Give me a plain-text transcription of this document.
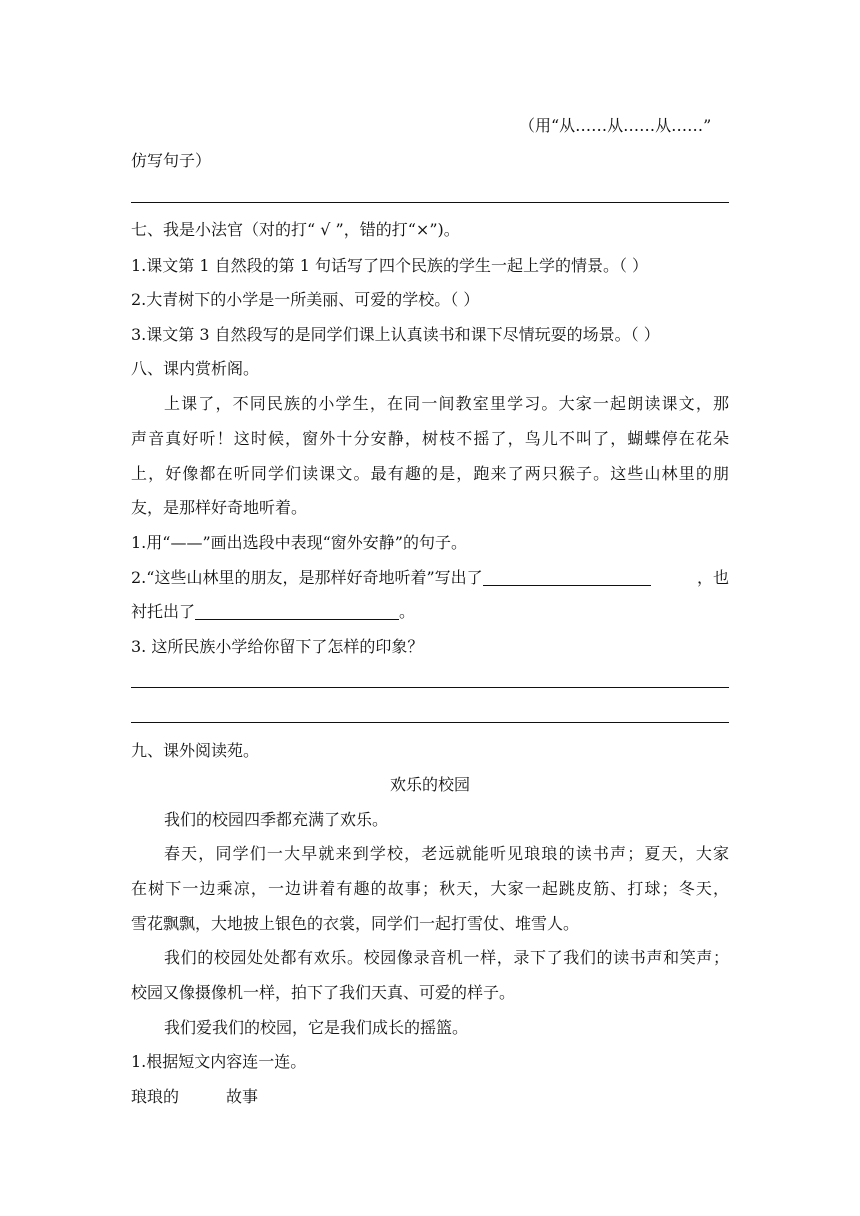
（用“从……从……从……”
仿写句子）
七、我是小法官（对的打“ √ ”，错的打“×”)。
1.课文第 1 自然段的第 1 句话写了四个民族的学生一起上学的情景。（ ）
2.大青树下的小学是一所美丽、可爱的学校。（ ）
3.课文第 3 自然段写的是同学们课上认真读书和课下尽情玩耍的场景。（ ）
八、课内赏析阁。
上课了，不同民族的小学生，在同一间教室里学习。大家一起朗读课文，那
声音真好听！这时候，窗外十分安静，树枝不摇了，鸟儿不叫了，蝴蝶停在花朵
上，好像都在听同学们读课文。最有趣的是，跑来了两只猴子。这些山林里的朋
友，是那样好奇地听着。
1.用“——”画出选段中表现“窗外安静”的句子。
2.“这些山林里的朋友，是那样好奇地听着”写出了	，也
衬托出了	。
3. 这所民族小学给你留下了怎样的印象？
九、课外阅读苑。
欢乐的校园
我们的校园四季都充满了欢乐。
春天，同学们一大早就来到学校，老远就能听见琅琅的读书声；夏天，大家
在树下一边乘凉，一边讲着有趣的故事；秋天，大家一起跳皮筋、打球；冬天，
雪花飘飘，大地披上银色的衣裳，同学们一起打雪仗、堆雪人。
我们的校园处处都有欢乐。校园像录音机一样，录下了我们的读书声和笑声；
校园又像摄像机一样，拍下了我们天真、可爱的样子。
我们爱我们的校园，它是我们成长的摇篮。
1.根据短文内容连一连。
琅琅的	故事
